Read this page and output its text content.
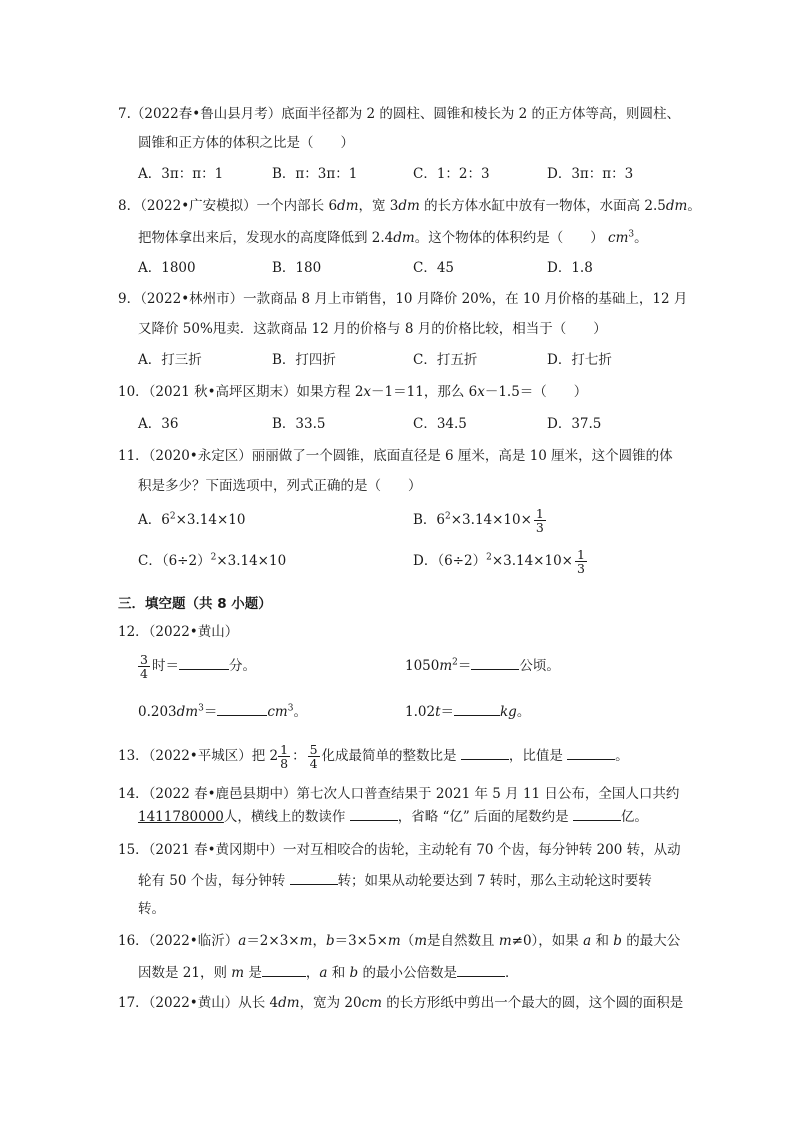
7.（2022春•鲁山县月考）底面半径都为 2 的圆柱、圆锥和棱长为 2 的正方体等高，则圆柱、
圆锥和正方体的体积之比是（　　）
A．3π：π：1	B．π：3π：1	C．1：2：3	D．3π：π：3
8．（2022•广安模拟）一个内部长 6dm，宽 3dm 的长方体水缸中放有一物体，水面高 2.5dm。
把物体拿出来后，发现水的高度降低到 2.4dm。这个物体的体积约是（　　） $cm^3$。
A．1800	B．180	C．45	D．1.8
9．（2022•林州市）一款商品 8 月上市销售，10 月降价 20%，在 10 月价格的基础上，12 月
又降价 50%甩卖．这款商品 12 月的价格与 8 月的价格比较，相当于（　　）
A．打三折	B．打四折	C．打五折	D．打七折
10．（2021 秋•高坪区期末）如果方程 2x－1＝11，那么 6x－1.5＝（　　）
A．36	B．33.5	C．34.5	D．37.5
11．（2020•永定区）丽丽做了一个圆锥，底面直径是 6 厘米，高是 10 厘米，这个圆锥的体
积是多少？下面选项中，列式正确的是（　　）
A．$6^2\times 3.14\times 10$	B．$6^2\times 3.14\times 10\times \frac{1}{3}$
C．$(6\div 2)^2\times 3.14\times 10$	D．$(6\div 2)^2\times 3.14\times 10\times \frac{1}{3}$
三．填空题（共 8 小题）
12．（2022•黄山）
$\frac{3}{4}$ 时＝	分。	$1050m^2=$	公顷。
$0.203dm^3=$	$cm^3$。	1.02t＝	kg。
13．（2022•平城区）把 $2 \frac{1}{8}$ ： $\frac{5}{4}$ 化成最简单的整数比是	，比值是	。
14．（2022 春•鹿邑县期中）第七次人口普查结果于 2021 年 5 月 11 日公布，全国人口共约
1411780000人，横线上的数读作	，省略 “亿” 后面的尾数约是	亿。
15．（2021 春•黄冈期中）一对互相咬合的齿轮，主动轮有 70 个齿，每分钟转 200 转，从动
轮有 50 个齿，每分钟转	转；如果从动轮要达到 7 转时，那么主动轮这时要转
转。
16．（2022•临沂）a＝2×3×m，b＝3×5×m（m是自然数且 m≠0），如果 a 和 b 的最大公
因数是 21，则 m 是	，a 和 b 的最小公倍数是	．
17．（2022•黄山）从长 4dm，宽为 20cm 的长方形纸中剪出一个最大的圆，这个圆的面积是
